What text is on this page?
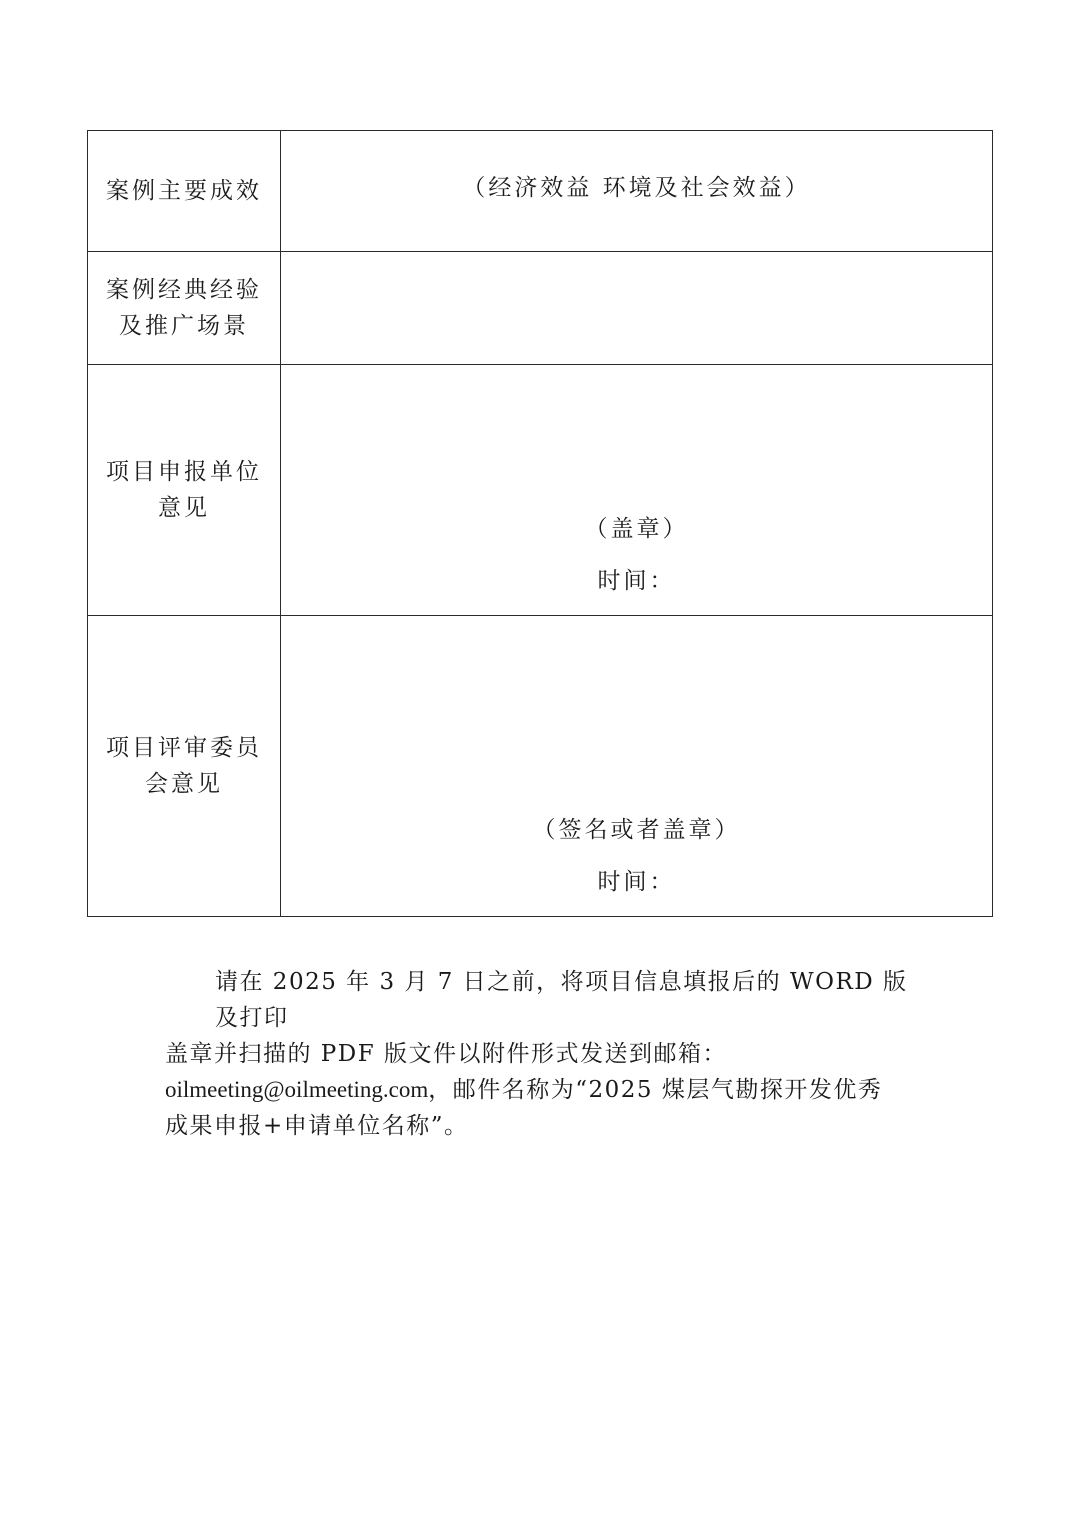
案例主要成效	（经济效益 环境及社会效益）

案例经典经验
及推广场景	

项目申报单位
意见	（盖章）
时间：

项目评审委员
会意见	（签名或者盖章）
时间：

请在 2025 年 3 月 7 日之前，将项目信息填报后的 WORD 版及打印

盖章并扫描的 PDF 版文件以附件形式发送到邮箱：

oilmeeting@oilmeeting.com，邮件名称为“2025 煤层气勘探开发优秀

成果申报+申请单位名称”。
